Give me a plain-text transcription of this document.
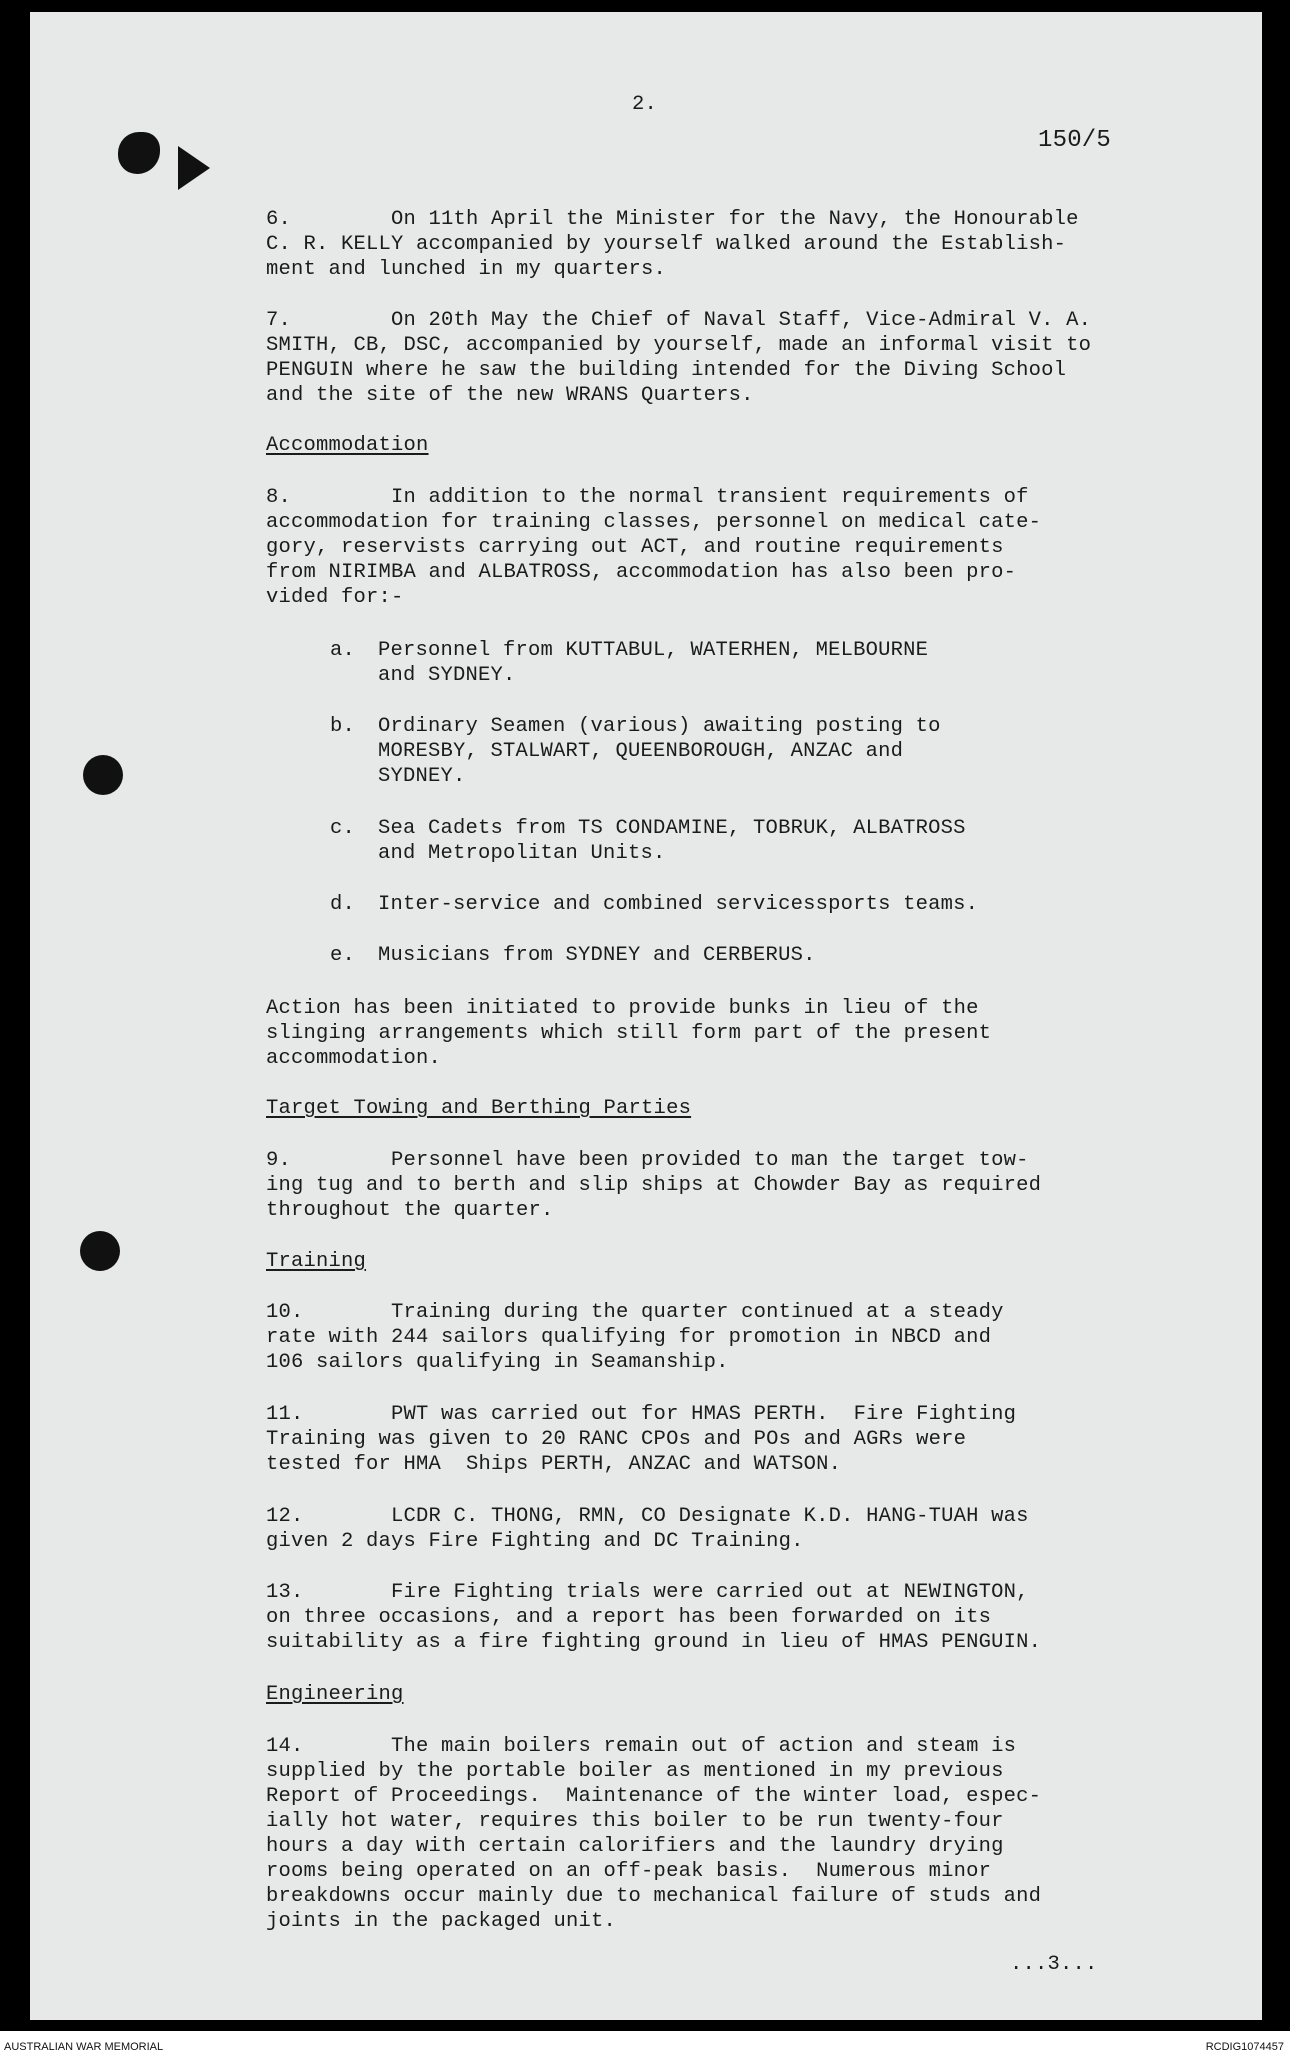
2.
150/5
6.        On 11th April the Minister for the Navy, the Honourable
C. R. KELLY accompanied by yourself walked around the Establish-
ment and lunched in my quarters.
7.        On 20th May the Chief of Naval Staff, Vice-Admiral V. A.
SMITH, CB, DSC, accompanied by yourself, made an informal visit to
PENGUIN where he saw the building intended for the Diving School
and the site of the new WRANS Quarters.
Accommodation
8.        In addition to the normal transient requirements of
accommodation for training classes, personnel on medical cate-
gory, reservists carrying out ACT, and routine requirements
from NIRIMBA and ALBATROSS, accommodation has also been pro-
vided for:-
a. Personnel from KUTTABUL, WATERHEN, MELBOURNE
and SYDNEY.
b. Ordinary Seamen (various) awaiting posting to
MORESBY, STALWART, QUEENBOROUGH, ANZAC and
SYDNEY.
c. Sea Cadets from TS CONDAMINE, TOBRUK, ALBATROSS
and Metropolitan Units.
d. Inter-service and combined servicessports teams.
e. Musicians from SYDNEY and CERBERUS.
Action has been initiated to provide bunks in lieu of the
slinging arrangements which still form part of the present
accommodation.
Target Towing and Berthing Parties
9.        Personnel have been provided to man the target tow-
ing tug and to berth and slip ships at Chowder Bay as required
throughout the quarter.
Training
10.       Training during the quarter continued at a steady
rate with 244 sailors qualifying for promotion in NBCD and
106 sailors qualifying in Seamanship.
11.       PWT was carried out for HMAS PERTH.  Fire Fighting
Training was given to 20 RANC CPOs and POs and AGRs were
tested for HMA  Ships PERTH, ANZAC and WATSON.
12.       LCDR C. THONG, RMN, CO Designate K.D. HANG-TUAH was
given 2 days Fire Fighting and DC Training.
13.       Fire Fighting trials were carried out at NEWINGTON,
on three occasions, and a report has been forwarded on its
suitability as a fire fighting ground in lieu of HMAS PENGUIN.
Engineering
14.       The main boilers remain out of action and steam is
supplied by the portable boiler as mentioned in my previous
Report of Proceedings.  Maintenance of the winter load, espec-
ially hot water, requires this boiler to be run twenty-four
hours a day with certain calorifiers and the laundry drying
rooms being operated on an off-peak basis.  Numerous minor
breakdowns occur mainly due to mechanical failure of studs and
joints in the packaged unit.
...3...
AUSTRALIAN WAR MEMORIAL	RCDIG1074457
